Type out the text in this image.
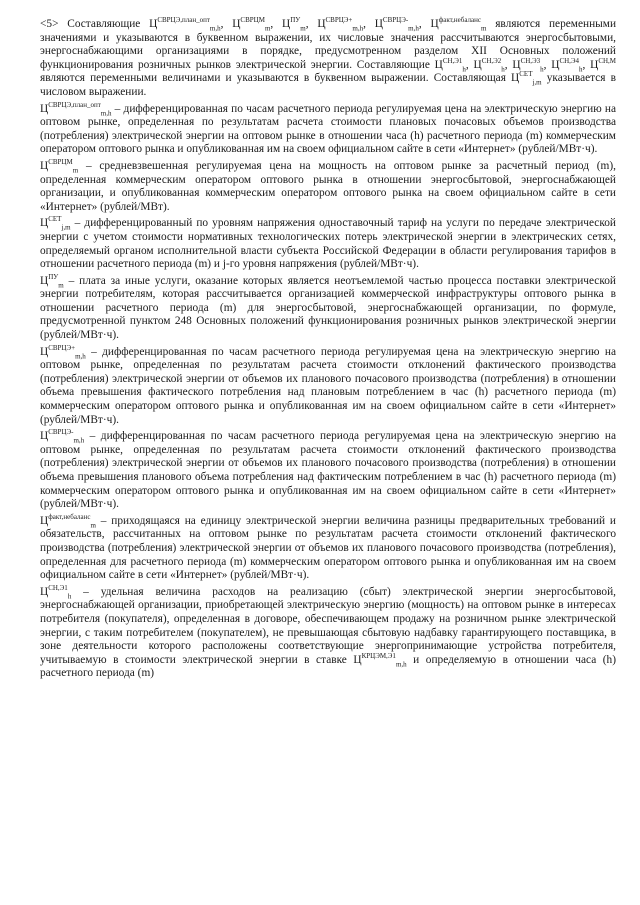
<5> Составляющие $Ц^{СВРЦЭ,план\_опт}_{m,h}$, $Ц^{СВРЦМ}_m$, $Ц^{ПУ}_m$, $Ц^{СВРЦЭ+}_{m,h}$, $Ц^{СВРЦЭ-}_{m,h}$, $Ц^{факт,небаланс}_m$ являются переменными значениями и указываются в буквенном выражении, их числовые значения рассчитываются энергосбытовыми, энергоснабжающими организациями в порядке, предусмотренном разделом XII Основных положений функционирования розничных рынков электрической энергии. Составляющие $Ц^{СН,Э1}_h$, $Ц^{СН,Э2}_h$, $Ц^{СН,Э3}_h$, $Ц^{СН,Э4}_h$, $Ц^{СН,М}$ являются переменными величинами и указываются в буквенном выражении. Составляющая $Ц^{СЕТ}_{j,m}$ указывается в числовом выражении.

$Ц^{СВРЦЭ,план\_опт}_{m,h}$ – дифференцированная по часам расчетного периода регулируемая цена на электрическую энергию на оптовом рынке, определенная по результатам расчета стоимости плановых почасовых объемов производства (потребления) электрической энергии на оптовом рынке в отношении часа (h) расчетного периода (m) коммерческим оператором оптового рынка и опубликованная им на своем официальном сайте в сети «Интернет» (рублей/МВт·ч).

$Ц^{СВРЦМ}_m$ – средневзвешенная регулируемая цена на мощность на оптовом рынке за расчетный период (m), определенная коммерческим оператором оптового рынка в отношении энергосбытовой, энергоснабжающей организации, и опубликованная коммерческим оператором оптового рынка на своем официальном сайте в сети «Интернет» (рублей/МВт).

$Ц^{СЕТ}_{j,m}$ – дифференцированный по уровням напряжения одноставочный тариф на услуги по передаче электрической энергии с учетом стоимости нормативных технологических потерь электрической энергии в электрических сетях, определяемый органом исполнительной власти субъекта Российской Федерации в области регулирования тарифов в отношении расчетного периода (m) и j-го уровня напряжения (рублей/МВт·ч).

$Ц^{ПУ}_m$ – плата за иные услуги, оказание которых является неотъемлемой частью процесса поставки электрической энергии потребителям, которая рассчитывается организацией коммерческой инфраструктуры оптового рынка в отношении расчетного периода (m) для энергосбытовой, энергоснабжающей организации, по формуле, предусмотренной пунктом 248 Основных положений функционирования розничных рынков электрической энергии (рублей/МВт·ч).

$Ц^{СВРЦЭ+}_{m,h}$ – дифференцированная по часам расчетного периода регулируемая цена на электрическую энергию на оптовом рынке, определенная по результатам расчета стоимости отклонений фактического производства (потребления) электрической энергии от объемов их планового почасового производства (потребления) в отношении объема превышения фактического потребления над плановым потреблением в час (h) расчетного периода (m) коммерческим оператором оптового рынка и опубликованная им на своем официальном сайте в сети «Интернет» (рублей/МВт·ч).

$Ц^{СВРЦЭ-}_{m,h}$ – дифференцированная по часам расчетного периода регулируемая цена на электрическую энергию на оптовом рынке, определенная по результатам расчета стоимости отклонений фактического производства (потребления) электрической энергии от объемов их планового почасового производства (потребления) в отношении объема превышения планового объема потребления над фактическим потреблением в час (h) расчетного периода (m) коммерческим оператором оптового рынка и опубликованная им на своем официальном сайте в сети «Интернет» (рублей/МВт·ч).

$Ц^{факт,небаланс}_m$ – приходящаяся на единицу электрической энергии величина разницы предварительных требований и обязательств, рассчитанных на оптовом рынке по результатам расчета стоимости отклонений фактического производства (потребления) электрической энергии от объемов их планового почасового производства (потребления), определенная для расчетного периода (m) коммерческим оператором оптового рынка и опубликованная им на своем официальном сайте в сети «Интернет» (рублей/МВт·ч).

$Ц^{СН,Э1}_h$ – удельная величина расходов на реализацию (сбыт) электрической энергии энергосбытовой, энергоснабжающей организации, приобретающей электрическую энергию (мощность) на оптовом рынке в интересах потребителя (покупателя), определенная в договоре, обеспечивающем продажу на розничном рынке электрической энергии, с таким потребителем (покупателем), не превышающая сбытовую надбавку гарантирующего поставщика, в зоне деятельности которого расположены соответствующие энергопринимающие устройства потребителя, учитываемую в стоимости электрической энергии в ставке $Ц^{КРЦЭМ,Э1}_{m,h}$ и определяемую в отношении часа (h) расчетного периода (m)
